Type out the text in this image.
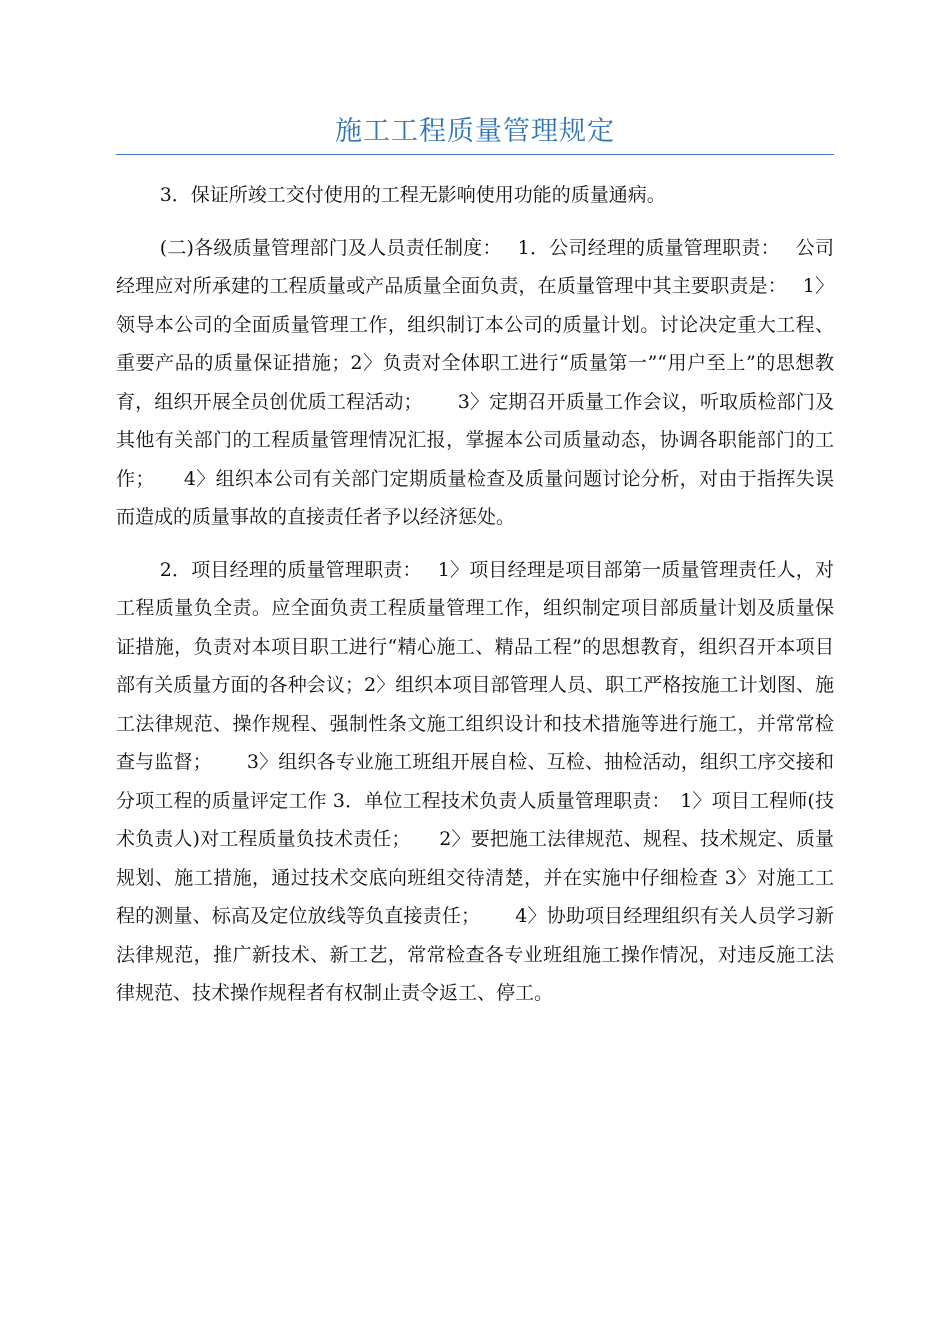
施工工程质量管理规定

3．保证所竣工交付使用的工程无影响使用功能的质量通病。

(二)各级质量管理部门及人员责任制度：　 1．公司经理的质量管理职责：　 公司经理应对所承建的工程质量或产品质量全面负责，在质量管理中其主要职责是：　 1〉领导本公司的全面质量管理工作，组织制订本公司的质量计划。讨论决定重大工程、重要产品的质量保证措施；2〉负责对全体职工进行“质量第一”“用户至上”的思想教育，组织开展全员创优质工程活动；　　 3〉定期召开质量工作会议，听取质检部门及其他有关部门的工程质量管理情况汇报，掌握本公司质量动态，协调各职能部门的工作；　　4〉组织本公司有关部门定期质量检查及质量问题讨论分析，对由于指挥失误而造成的质量事故的直接责任者予以经济惩处。

2．项目经理的质量管理职责：　 1〉项目经理是项目部第一质量管理责任人，对工程质量负全责。应全面负责工程质量管理工作，组织制定项目部质量计划及质量保证措施，负责对本项目职工进行“精心施工、精品工程”的思想教育，组织召开本项目部有关质量方面的各种会议；2〉组织本项目部管理人员、职工严格按施工计划图、施工法律规范、操作规程、强制性条文施工组织设计和技术措施等进行施工，并常常检查与监督；　　 3〉组织各专业施工班组开展自检、互检、抽检活动，组织工序交接和分项工程的质量评定工作 3．单位工程技术负责人质量管理职责：　1〉项目工程师(技术负责人)对工程质量负技术责任；　　2〉要把施工法律规范、规程、技术规定、质量规划、施工措施，通过技术交底向班组交待清楚，并在实施中仔细检查 3〉对施工工程的测量、标高及定位放线等负直接责任；　　 4〉协助项目经理组织有关人员学习新法律规范，推广新技术、新工艺，常常检查各专业班组施工操作情况，对违反施工法律规范、技术操作规程者有权制止责令返工、停工。
